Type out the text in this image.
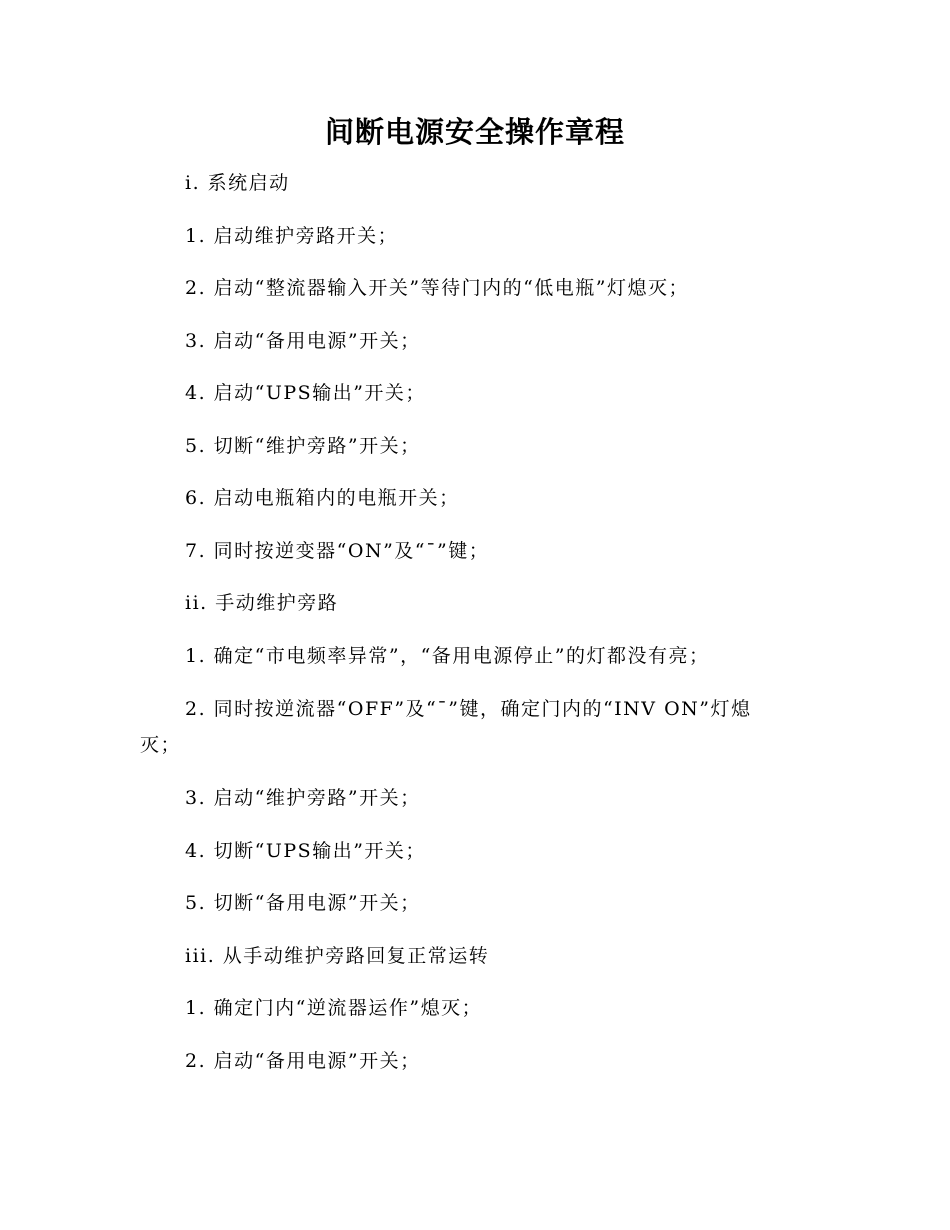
间断电源安全操作章程
i. 系统启动
1. 启动维护旁路开关；
2. 启动“整流器输入开关”等待门内的“低电瓶”灯熄灭；
3. 启动“备用电源”开关；
4. 启动“UPS输出”开关；
5. 切断“维护旁路”开关；
6. 启动电瓶箱内的电瓶开关；
7. 同时按逆变器“ON”及“ˉ”键；
ii. 手动维护旁路
1. 确定“市电频率异常”，“备用电源停止”的灯都没有亮；
2. 同时按逆流器“OFF”及“ˉ”键，确定门内的“INV ON”灯熄
灭；
3. 启动“维护旁路”开关；
4. 切断“UPS输出”开关；
5. 切断“备用电源”开关；
iii. 从手动维护旁路回复正常运转
1. 确定门内“逆流器运作”熄灭；
2. 启动“备用电源”开关；
